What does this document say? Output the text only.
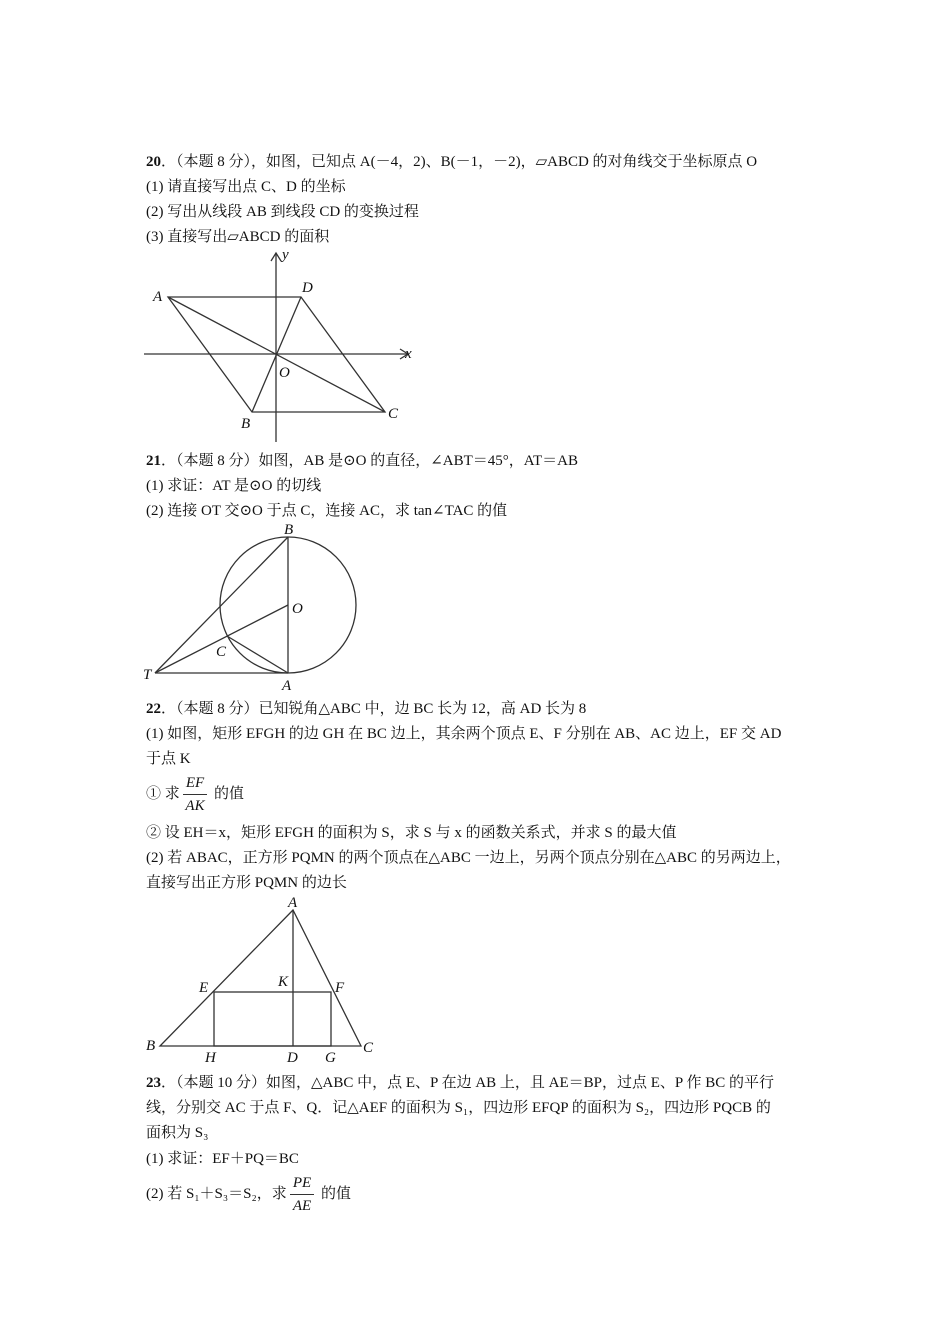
20．（本题 8 分），如图，已知点 A(－4，2)、B(－1，－2)，▱ABCD 的对角线交于坐标原点 O
(1) 请直接写出点 C、D 的坐标
(2) 写出从线段 AB 到线段 CD 的变换过程
(3) 直接写出▱ABCD 的面积
A
D
O
B
C
x
y
21．（本题 8 分）如图，AB 是⊙O 的直径，∠ABT＝45°，AT＝AB
(1) 求证：AT 是⊙O 的切线
(2) 连接 OT 交⊙O 于点 C，连接 AC，求 tan∠TAC 的值
B
O
C
T
A
22．（本题 8 分）已知锐角△ABC 中，边 BC 长为 12，高 AD 长为 8
(1) 如图，矩形 EFGH 的边 GH 在 BC 边上，其余两个顶点 E、F 分别在 AB、AC 边上，EF 交 AD
于点 K
① 求
EF
AK
的值
② 设 EH＝x，矩形 EFGH 的面积为 S，求 S 与 x 的函数关系式，并求 S 的最大值
(2) 若 ABAC，正方形 PQMN 的两个顶点在△ABC 一边上，另两个顶点分别在△ABC 的另两边上，
直接写出正方形 PQMN 的边长
A
E	K	F
B
H	D G
C
23．（本题 10 分）如图，△ABC 中，点 E、P 在边 AB 上，且 AE＝BP，过点 E、P 作 BC 的平行
线，分别交 AC 于点 F、Q．记△AEF 的面积为 S₁，四边形 EFQP 的面积为 S₂，四边形 PQCB 的
面积为 S₃
(1) 求证：EF＋PQ＝BC
(2) 若 S₁＋S₃＝S₂，求
PE
AE
的值
